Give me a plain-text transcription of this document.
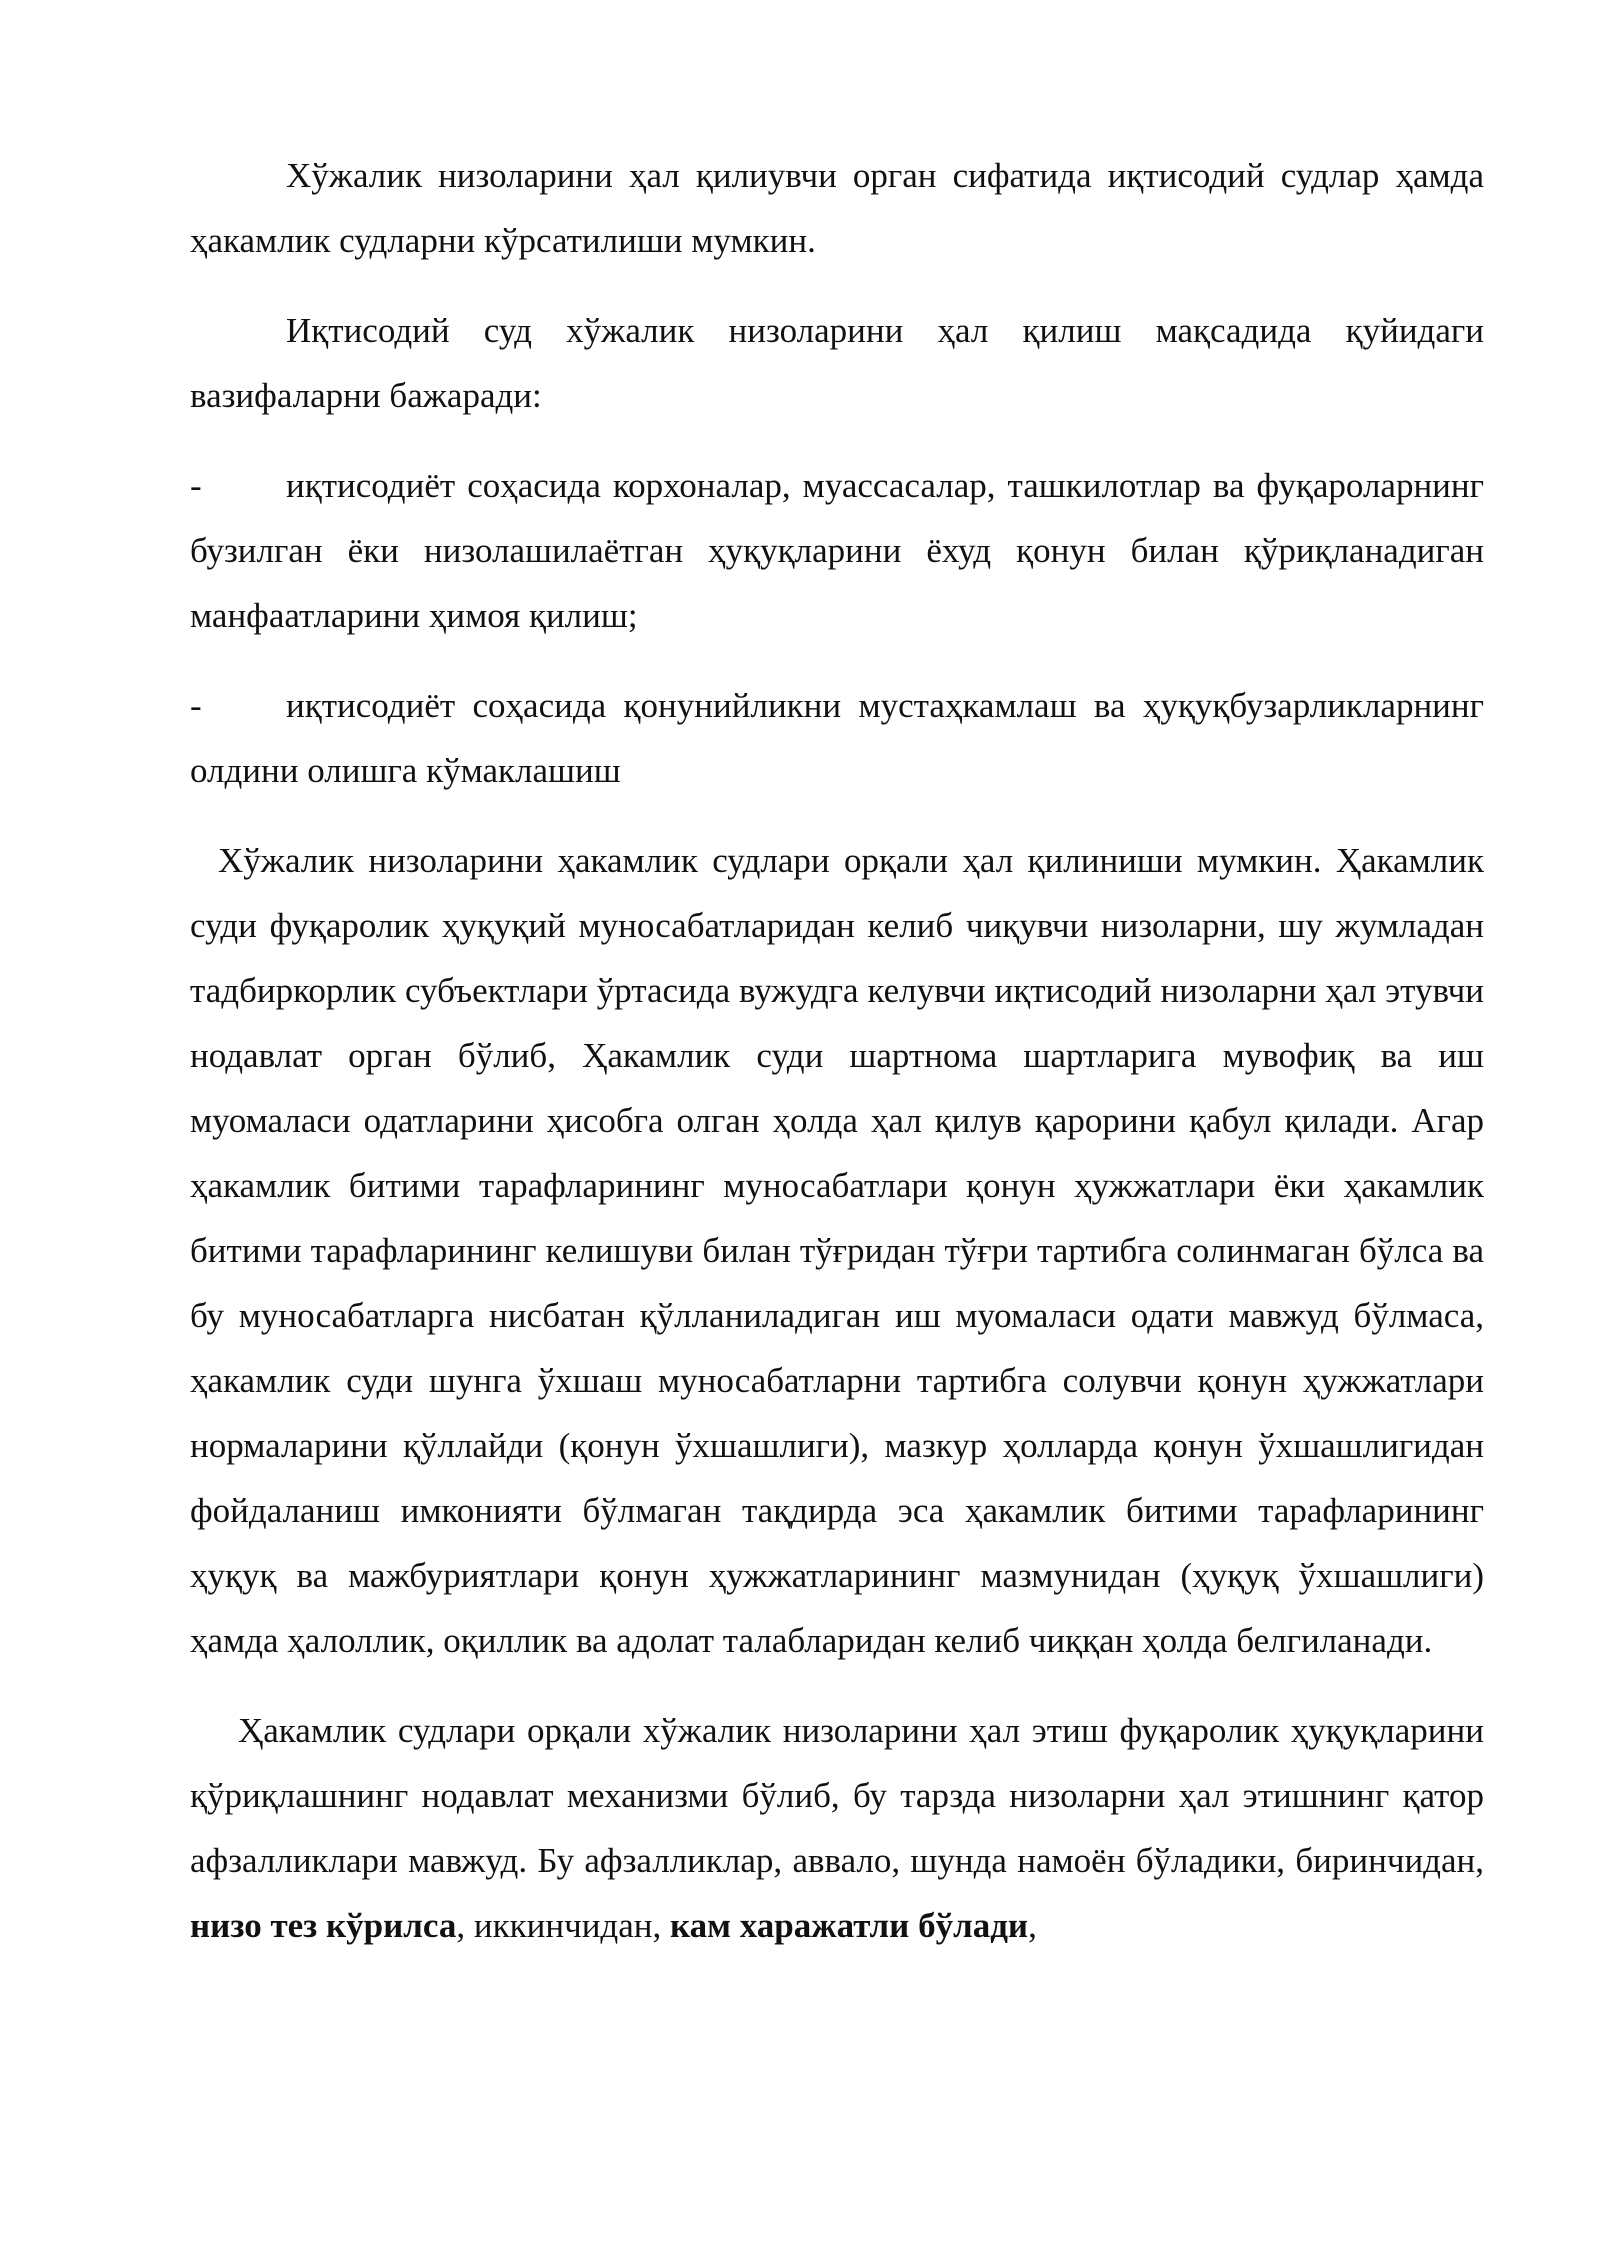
Хўжалик низоларини ҳал қилиувчи орган сифатида иқтисодий судлар ҳамда ҳакамлик судларни кўрсатилиши мумкин.

Иқтисодий суд хўжалик низоларини ҳал қилиш мақсадида қуйидаги вазифаларни бажаради:

-	иқтисодиёт соҳасида корхоналар, муассасалар, ташкилотлар ва фуқароларнинг бузилган ёки низолашилаётган ҳуқуқларини ёхуд қонун билан қўриқланадиган манфаатларини ҳимоя қилиш;
-	иқтисодиёт соҳасида қонунийликни мустаҳкамлаш ва ҳуқуқбузарликларнинг олдини олишга кўмаклашиш

Хўжалик низоларини ҳакамлик судлари орқали ҳал қилиниши мумкин. Ҳакамлик суди фуқаролик ҳуқуқий муносабатларидан келиб чиқувчи низоларни, шу жумладан тадбиркорлик субъектлари ўртасида вужудга келувчи иқтисодий низоларни ҳал этувчи нодавлат орган бўлиб, Ҳакамлик суди шартнома шартларига мувофиқ ва иш муомаласи одатларини ҳисобга олган ҳолда ҳал қилув қарорини қабул қилади. Агар ҳакамлик битими тарафларининг муносабатлари қонун ҳужжатлари ёки ҳакамлик битими тарафларининг келишуви билан тўғридан тўғри тартибга солинмаган бўлса ва бу муносабатларга нисбатан қўлланиладиган иш муомаласи одати мавжуд бўлмаса, ҳакамлик суди шунга ўхшаш муносабатларни тартибга солувчи қонун ҳужжатлари нормаларини қўллайди (қонун ўхшашлиги), мазкур ҳолларда қонун ўхшашлигидан фойдаланиш имконияти бўлмаган тақдирда эса ҳакамлик битими тарафларининг ҳуқуқ ва мажбуриятлари қонун ҳужжатларининг мазмунидан (ҳуқуқ ўхшашлиги) ҳамда ҳалоллик, оқиллик ва адолат талабларидан келиб чиққан ҳолда белгиланади.

Ҳакамлик судлари орқали хўжалик низоларини ҳал этиш фуқаролик ҳуқуқларини қўриқлашнинг нодавлат механизми бўлиб, бу тарзда низоларни ҳал этишнинг қатор афзалликлари мавжуд. Бу афзалликлар, аввало, шунда намоён бўладики, биринчидан, низо тез кўрилса, иккинчидан, кам харажатли бўлади,
